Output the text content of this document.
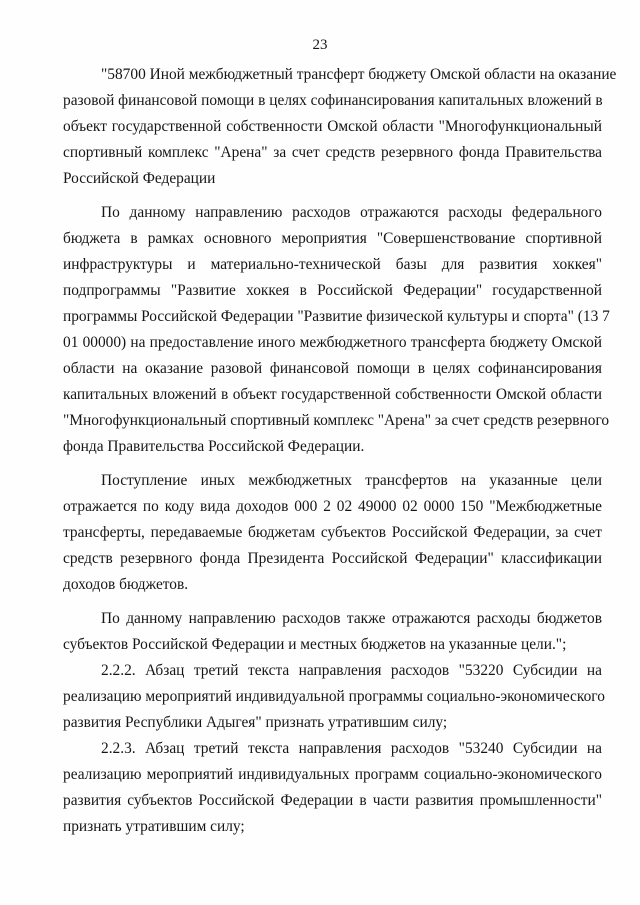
23

"58700 Иной межбюджетный трансферт бюджету Омской области на оказание
разовой финансовой помощи в целях софинансирования капитальных вложений в
объект государственной собственности Омской области "Многофункциональный
спортивный комплекс "Арена" за счет средств резервного фонда Правительства
Российской Федерации

По данному направлению расходов отражаются расходы федерального
бюджета в рамках основного мероприятия "Совершенствование спортивной
инфраструктуры и материально-технической базы для развития хоккея"
подпрограммы "Развитие хоккея в Российской Федерации" государственной
программы Российской Федерации "Развитие физической культуры и спорта" (13 7
01 00000) на предоставление иного межбюджетного трансферта бюджету Омской
области на оказание разовой финансовой помощи в целях софинансирования
капитальных вложений в объект государственной собственности Омской области
"Многофункциональный спортивный комплекс "Арена" за счет средств резервного
фонда Правительства Российской Федерации.

Поступление иных межбюджетных трансфертов на указанные цели
отражается по коду вида доходов 000 2 02 49000 02 0000 150 "Межбюджетные
трансферты, передаваемые бюджетам субъектов Российской Федерации, за счет
средств резервного фонда Президента Российской Федерации" классификации
доходов бюджетов.

По данному направлению расходов также отражаются расходы бюджетов
субъектов Российской Федерации и местных бюджетов на указанные цели.";

2.2.2. Абзац третий текста направления расходов "53220 Субсидии на
реализацию мероприятий индивидуальной программы социально-экономического
развития Республики Адыгея" признать утратившим силу;

2.2.3. Абзац третий текста направления расходов "53240 Субсидии на
реализацию мероприятий индивидуальных программ социально-экономического
развития субъектов Российской Федерации в части развития промышленности"
признать утратившим силу;
